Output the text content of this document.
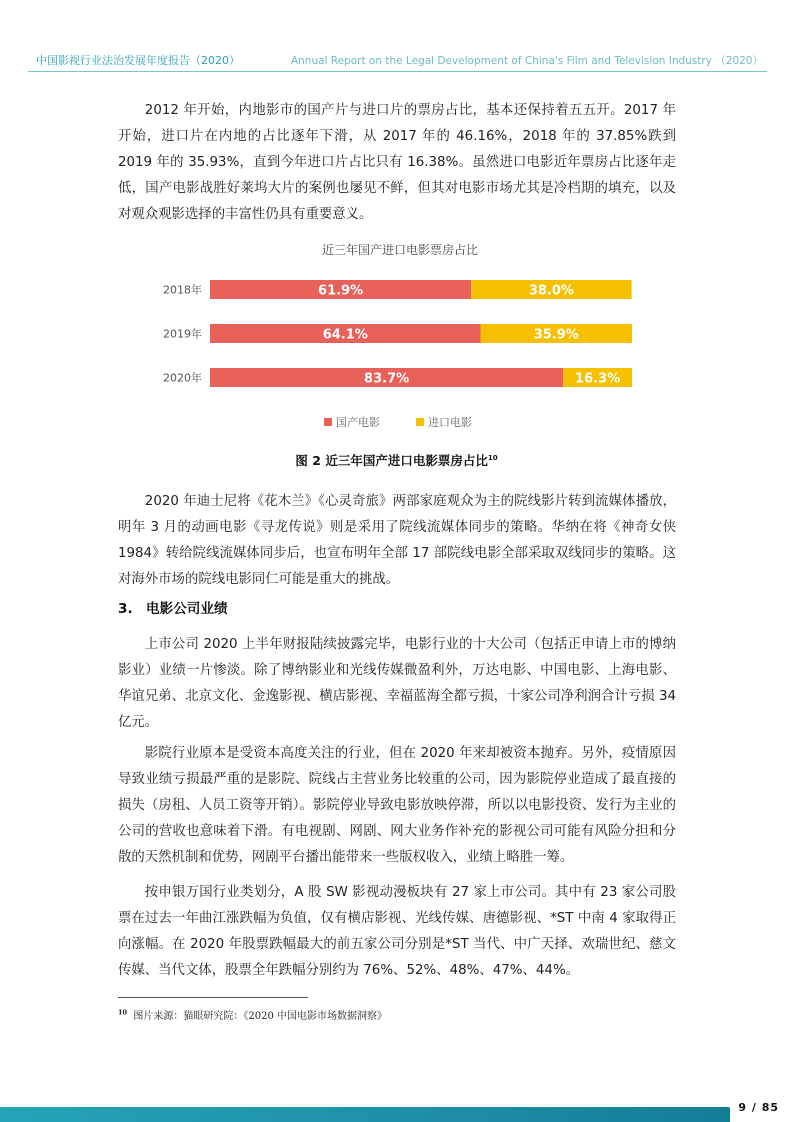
中国影视行业法治发展年度报告（2020）	Annual Report on the Legal Development of China's Film and Television Industry （2020）

2012 年开始，内地影市的国产片与进口片的票房占比，基本还保持着五五开。2017 年开始，进口片在内地的占比逐年下滑，从 2017 年的 46.16%，2018 年的 37.85%跌到 2019 年的 35.93%，直到今年进口片占比只有 16.38%。虽然进口电影近年票房占比逐年走低，国产电影战胜好莱坞大片的案例也屡见不鲜，但其对电影市场尤其是冷档期的填充，以及对观众观影选择的丰富性仍具有重要意义。

近三年国产进口电影票房占比
2018年	61.9%	38.0%
2019年	64.1%	35.9%
2020年	83.7%	16.3%
国产电影	进口电影
图 2 近三年国产进口电影票房占比$^{10}$

2020 年迪士尼将《花木兰》《心灵奇旅》两部家庭观众为主的院线影片转到流媒体播放，明年 3 月的动画电影《寻龙传说》则是采用了院线流媒体同步的策略。华纳在将《神奇女侠 1984》转给院线流媒体同步后，也宣布明年全部 17 部院线电影全部采取双线同步的策略。这对海外市场的院线电影同仁可能是重大的挑战。

3. 电影公司业绩

上市公司 2020 上半年财报陆续披露完毕，电影行业的十大公司（包括正申请上市的博纳影业）业绩一片惨淡。除了博纳影业和光线传媒微盈利外，万达电影、中国电影、上海电影、华谊兄弟、北京文化、金逸影视、横店影视、幸福蓝海全都亏损，十家公司净利润合计亏损 34 亿元。

影院行业原本是受资本高度关注的行业，但在 2020 年来却被资本抛弃。另外，疫情原因导致业绩亏损最严重的是影院、院线占主营业务比较重的公司，因为影院停业造成了最直接的损失（房租、人员工资等开销）。影院停业导致电影放映停滞，所以以电影投资、发行为主业的公司的营收也意味着下滑。有电视剧、网剧、网大业务作补充的影视公司可能有风险分担和分散的天然机制和优势，网剧平台播出能带来一些版权收入，业绩上略胜一筹。

按申银万国行业类划分，A 股 SW 影视动漫板块有 27 家上市公司。其中有 23 家公司股票在过去一年曲江涨跌幅为负值，仅有横店影视、光线传媒、唐德影视、*ST 中南 4 家取得正向涨幅。在 2020 年股票跌幅最大的前五家公司分别是*ST 当代、中广天择、欢瑞世纪、慈文传媒、当代文体，股票全年跌幅分别约为 76%、52%、48%、47%、44%。

$^{10}$ 图片来源：猫眼研究院：《2020 中国电影市场数据洞察》
9 / 85
